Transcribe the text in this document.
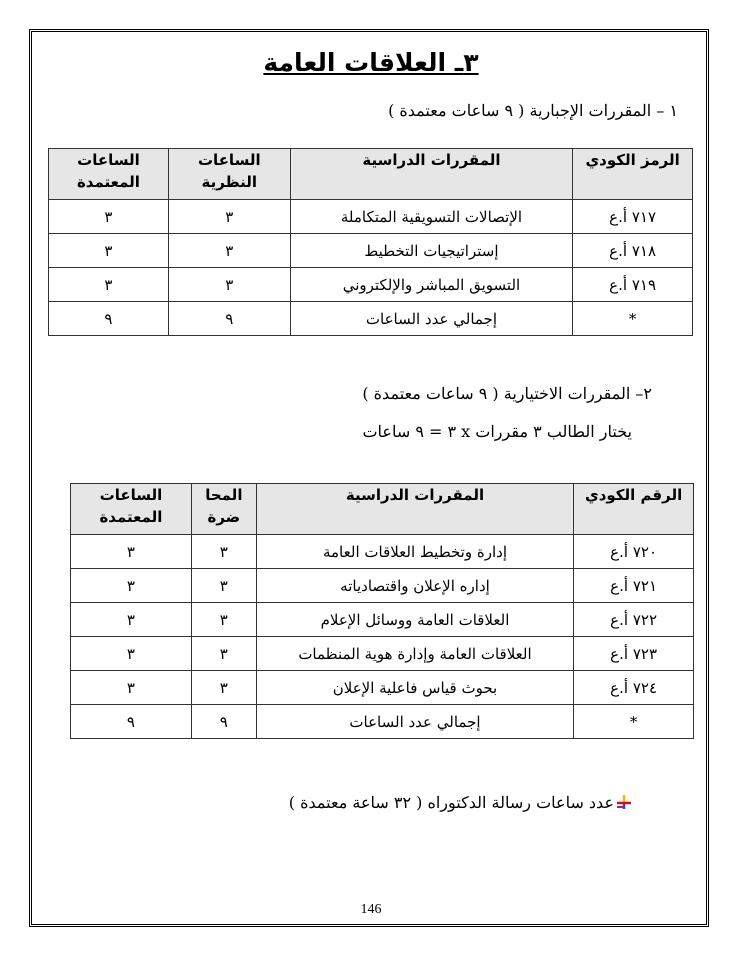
٣ـ العلاقات العامة
١ – المقررات الإجبارية ( ٩ ساعات معتمدة )
الرمز الكودي	المقررات الدراسية	الساعات النظرية	الساعات المعتمدة
٧١٧ أ.ع	الإتصالات التسويقية المتكاملة	٣	٣
٧١٨ أ.ع	إستراتيجيات التخطيط	٣	٣
٧١٩ أ.ع	التسويق المباشر والإلكتروني	٣	٣
*	إجمالي عدد الساعات	٩	٩
٢– المقررات الاختيارية ( ٩ ساعات معتمدة )
يختار الطالب ٣ مقررات x ٣ = ٩ ساعات
الرقم الكودي	المقررات الدراسية	المحا ضرة	الساعات المعتمدة
٧٢٠ أ.ع	إدارة وتخطيط العلاقات العامة	٣	٣
٧٢١ أ.ع	إداره الإعلان واقتصادياته	٣	٣
٧٢٢ أ.ع	العلاقات العامة ووسائل الإعلام	٣	٣
٧٢٣ أ.ع	العلاقات العامة وإدارة هوية المنظمات	٣	٣
٧٢٤ أ.ع	بحوث قياس فاعلية الإعلان	٣	٣
*	إجمالي عدد الساعات	٩	٩
عدد ساعات رسالة الدكتوراه ( ٣٢ ساعة معتمدة )
146
